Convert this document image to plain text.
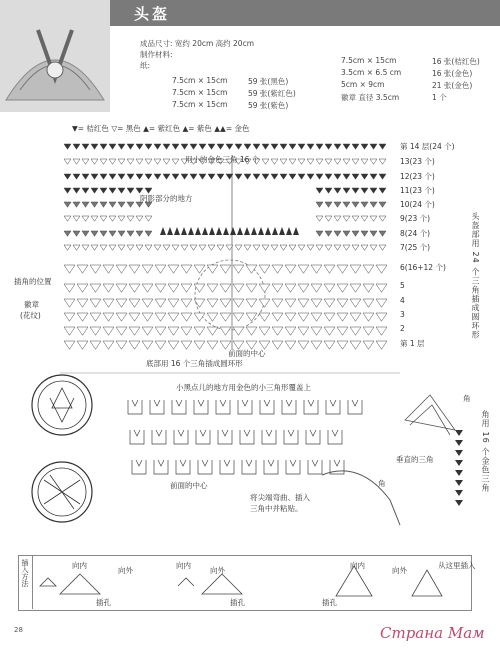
头盔
成品尺寸: 宽约 20cm 高约 20cm
制作材料:
纸:
7.5cm × 15cm	59 张(黑色)
7.5cm × 15cm	59 张(紫红色)
7.5cm × 15cm	59 张(紫色)
7.5cm × 15cm	16 张(桔红色)
3.5cm × 6.5 cm	16 张(金色)
5cm × 9cm	21 张(金色)
徽章 直径 3.5cm	1 个
▼= 桔红色 ▽= 黑色 ▲= 紫红色 ▲= 紫色 ▲▲= 金色
第 14 层(24 个)
13(23 个)
12(23 个)
11(23 个)
10(24 个)
9(23 个)
8(24 个)
7(25 个)
6(16+12 个)
5
4
3
2
第 1 层
用小的金色三角 16 个
阴影部分的地方
插角的位置
徽章
(花纹)
前面的中心
底部用 16 个三角插成圆环形
小黑点儿的地方用金色的小三角形覆盖上
垂直的三角
角
角
前面的中心
将尖端弯曲、插入
三角中并粘贴。
头盔部用 24 个三角插成圆环形
角用 16 个金色三角
插入方法	向内
向外
插孔
向内
向外
插孔
向内
向外
插孔
从这里插入
28	Страна Мам
